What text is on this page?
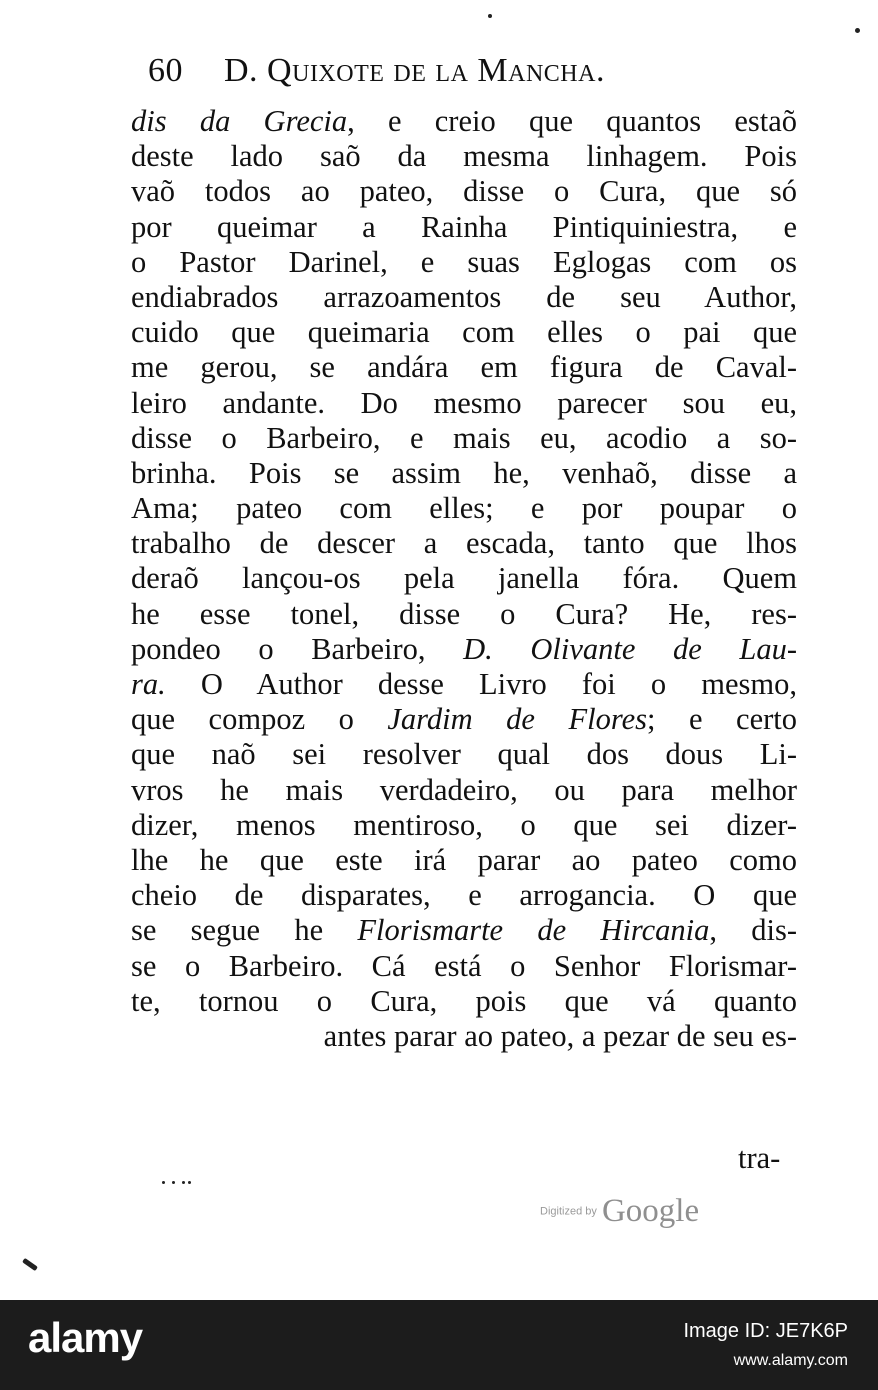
60 D. Quixote de la Mancha.
dis da Grecia, e creio que quantos estaõ
deste lado saõ da mesma linhagem. Pois
vaõ todos ao pateo, disse o Cura, que só
por queimar a Rainha Pintiquiniestra, e
o Pastor Darinel, e suas Eglogas com os
endiabrados arrazoamentos de seu Author,
cuido que queimaria com elles o pai que
me gerou, se andára em figura de Caval-
leiro andante. Do mesmo parecer sou eu,
disse o Barbeiro, e mais eu, acodio a so-
brinha. Pois se assim he, venhaõ, disse a
Ama; pateo com elles; e por poupar o
trabalho de descer a escada, tanto que lhos
deraõ lançou-os pela janella fóra. Quem
he esse tonel, disse o Cura? He, res-
pondeo o Barbeiro, D. Olivante de Lau-
ra. O Author desse Livro foi o mesmo,
que compoz o Jardim de Flores; e certo
que naõ sei resolver qual dos dous Li-
vros he mais verdadeiro, ou para melhor
dizer, menos mentiroso, o que sei dizer-
lhe he que este irá parar ao pateo como
cheio de disparates, e arrogancia. O que
se segue he Florismarte de Hircania, dis-
se o Barbeiro. Cá está o Senhor Florismar-
te, tornou o Cura, pois que vá quanto
antes parar ao pateo, a pezar de seu es-
tra-
Digitized by Google
alamy	Image ID: JE7K6P
www.alamy.com
